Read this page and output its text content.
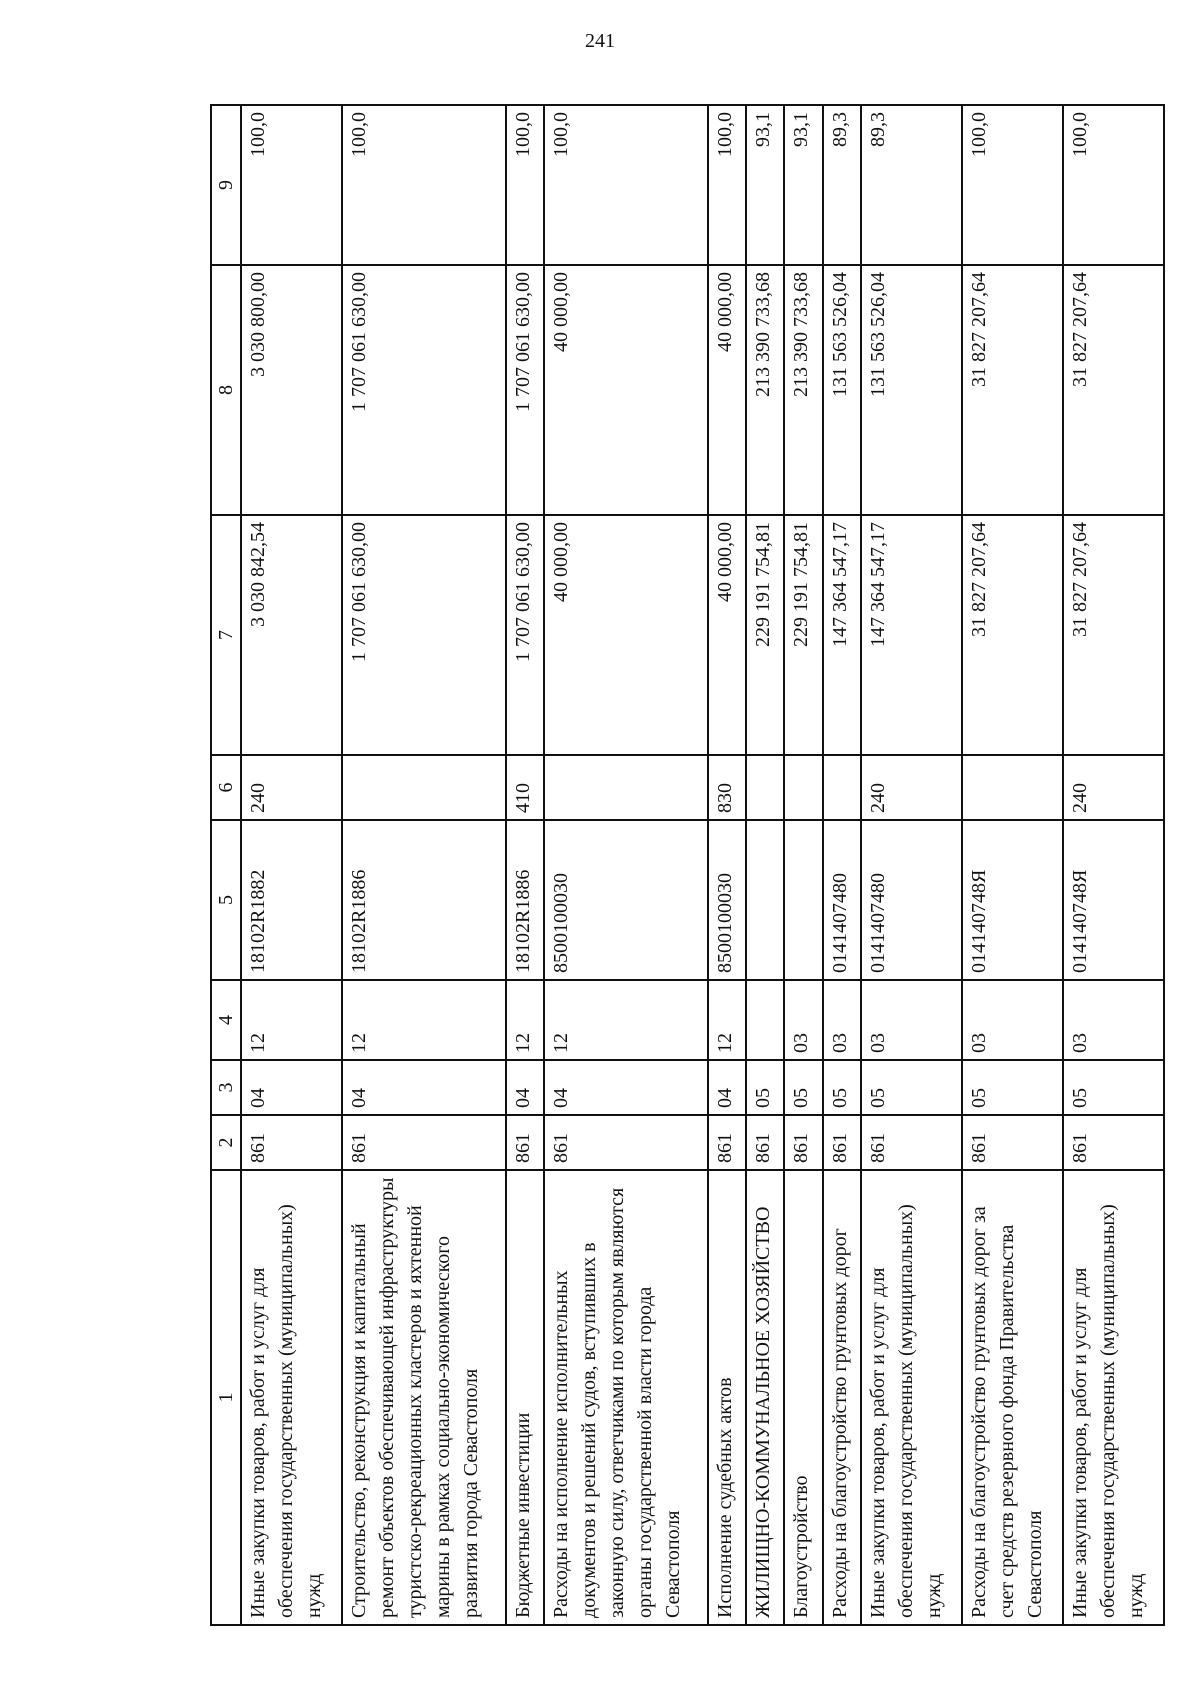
241
1	2	3	4	5	6	7	8	9
Иные закупки товаров, работ и услуг для обеспечения государственных (муниципальных) нужд	861	04	12	18102R1882	240	3 030 842,54	3 030 800,00	100,0
Строительство, реконструкция и капитальный ремонт объектов обеспечивающей инфраструктуры туристско-рекреационных кластеров и яхтенной марины в рамках социально-экономического развития города Севастополя	861	04	12	18102R1886		1 707 061 630,00	1 707 061 630,00	100,0
Бюджетные инвестиции	861	04	12	18102R1886	410	1 707 061 630,00	1 707 061 630,00	100,0
Расходы на исполнение исполнительных документов и решений судов, вступивших в законную силу, ответчиками по которым являются органы государственной власти города Севастополя	861	04	12	8500100030		40 000,00	40 000,00	100,0
Исполнение судебных актов	861	04	12	8500100030	830	40 000,00	40 000,00	100,0
ЖИЛИЩНО-КОММУНАЛЬНОЕ ХОЗЯЙСТВО	861	05				229 191 754,81	213 390 733,68	93,1
Благоустройство	861	05	03			229 191 754,81	213 390 733,68	93,1
Расходы на благоустройство грунтовых дорог	861	05	03	0141407480		147 364 547,17	131 563 526,04	89,3
Иные закупки товаров, работ и услуг для обеспечения государственных (муниципальных) нужд	861	05	03	0141407480	240	147 364 547,17	131 563 526,04	89,3
Расходы на благоустройство грунтовых дорог за счет средств резервного фонда Правительства Севастополя	861	05	03	014140748Я		31 827 207,64	31 827 207,64	100,0
Иные закупки товаров, работ и услуг для обеспечения государственных (муниципальных) нужд	861	05	03	014140748Я	240	31 827 207,64	31 827 207,64	100,0
